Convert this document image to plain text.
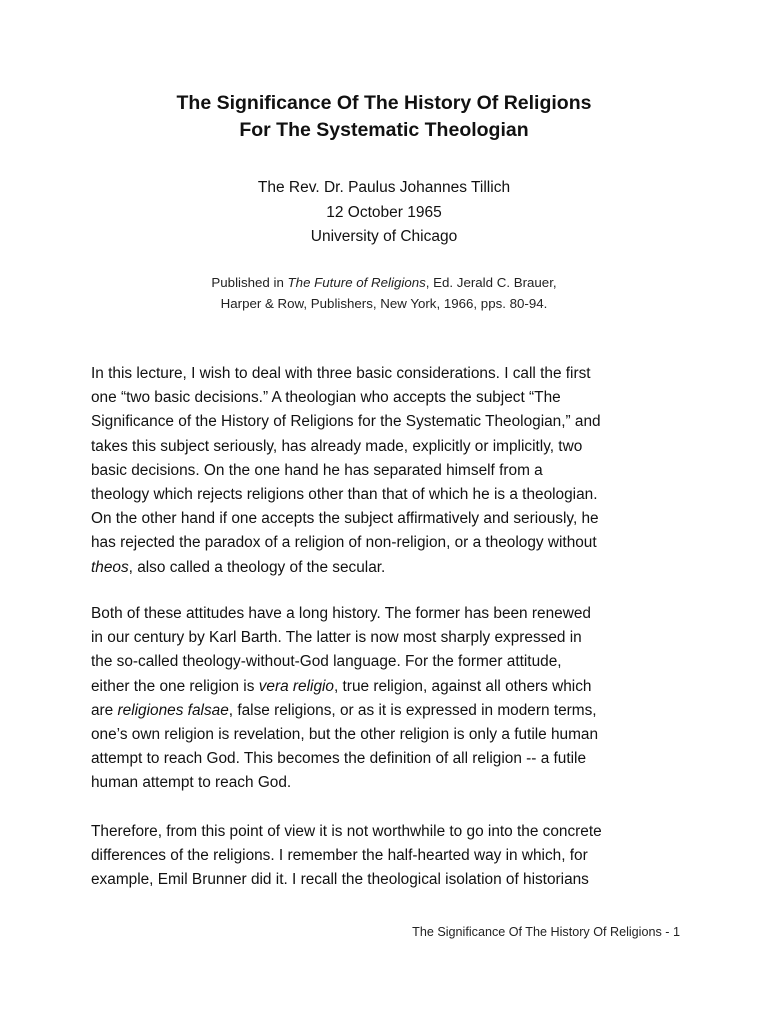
The Significance Of The History Of Religions
For The Systematic Theologian
The Rev. Dr. Paulus Johannes Tillich
12 October 1965
University of Chicago
Published in The Future of Religions, Ed. Jerald C. Brauer,
Harper & Row, Publishers, New York, 1966, pps. 80-94.
In this lecture, I wish to deal with three basic considerations. I call the first
one “two basic decisions.” A theologian who accepts the subject “The
Significance of the History of Religions for the Systematic Theologian,” and
takes this subject seriously, has already made, explicitly or implicitly, two
basic decisions. On the one hand he has separated himself from a
theology which rejects religions other than that of which he is a theologian.
On the other hand if one accepts the subject affirmatively and seriously, he
has rejected the paradox of a religion of non-religion, or a theology without
theos, also called a theology of the secular.
Both of these attitudes have a long history. The former has been renewed
in our century by Karl Barth. The latter is now most sharply expressed in
the so-called theology-without-God language. For the former attitude,
either the one religion is vera religio, true religion, against all others which
are religiones falsae, false religions, or as it is expressed in modern terms,
one’s own religion is revelation, but the other religion is only a futile human
attempt to reach God. This becomes the definition of all religion -- a futile
human attempt to reach God.
Therefore, from this point of view it is not worthwhile to go into the concrete
differences of the religions. I remember the half-hearted way in which, for
example, Emil Brunner did it. I recall the theological isolation of historians
The Significance Of The History Of Religions - 1
